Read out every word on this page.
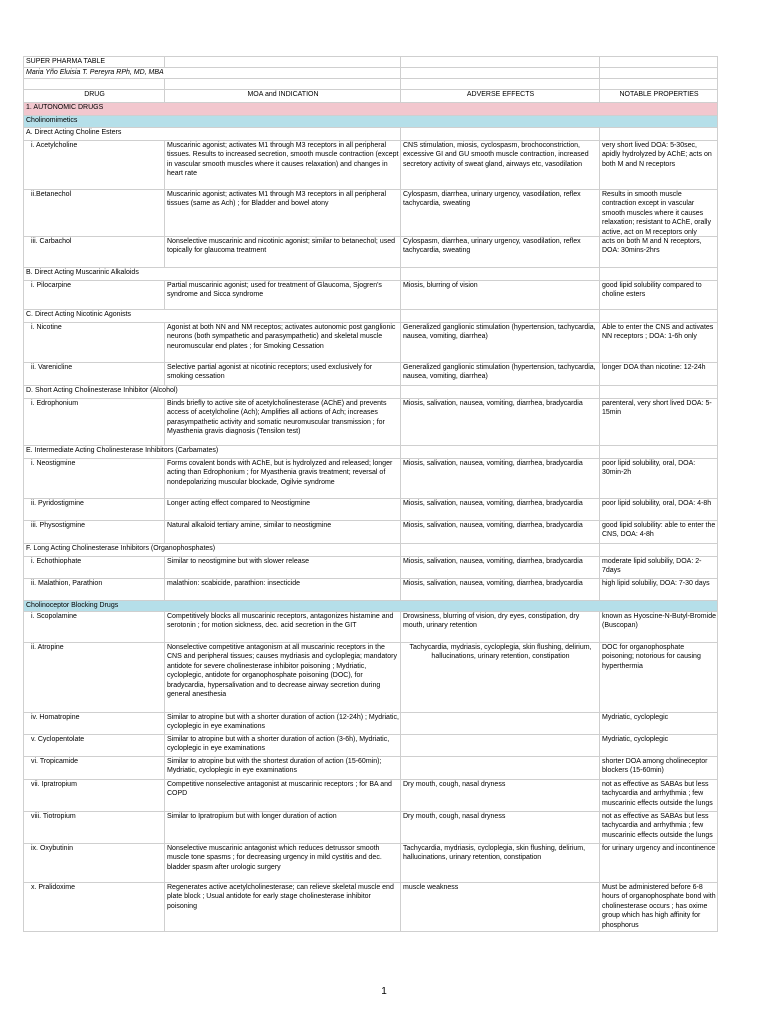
SUPER PHARMA TABLE			
Maria Yño Eluisia T. Pereyra RPh, MD, MBA			

DRUG	MOA and INDICATION	ADVERSE EFFECTS	NOTABLE PROPERTIES
1. AUTONOMIC DRUGS			
Cholinomimetics			
A. Direct Acting Choline Esters			

i. Acetylcholine	Muscarinic agonist; activates M1 through M3 receptors in all peripheral tissues. Results to increased secretion, smooth muscle contraction (except in vascular smooth muscles where it causes relaxation) and changes in heart rate	CNS stimulation, miosis, cyclospasm, brochoconstriction, excessive GI and GU smooth muscle contraction, increased secretory activity of sweat gland, airways etc, vasodilation	very short lived DOA: 5-30sec, apidly hydrolyzed by AChE; acts on both M and N receptors

ii.Betanechol	Muscarinic agonist; activates M1 through M3 receptors in all peripheral tissues (same as Ach) ; for Bladder and bowel atony	Cylospasm, diarrhea, urinary urgency, vasodilation, reflex tachycardia, sweating	Results in smooth muscle contraction except in vascular smooth muscles where it causes relaxation; resistant to AChE, orally active, act on M receptors only

iii. Carbachol	Nonselective muscarinic and nicotinic agonist; similar to betanechol; used topically for glaucoma treatment	Cylospasm, diarrhea, urinary urgency, vasodilation, reflex tachycardia, sweating	acts on both M and N receptors, DOA: 30mins-2hrs

B. Direct Acting Muscarinic Alkaloids			

i. Pilocarpine	Partial muscarinic agonist; used for treatment of Glaucoma, Sjogren's syndrome and Sicca syndrome	Miosis, blurring of vision	good lipid solubility compared to choline esters

C. Direct Acting Nicotinic Agonists			

i. Nicotine	Agonist at both NN and NM receptos; activates autonomic post ganglionic neurons (both sympathetic and parasympathetic) and skeletal muscle neuromuscular end plates ; for Smoking Cessation	Generalized ganglionic stimulation (hypertension, tachycardia, nausea, vomiting, diarrhea)	Able to enter the CNS and activates NN receptors ; DOA: 1-6h only

ii. Varenicline	Selective partial agonist at nicotinic receptors; used exclusively for smoking cessation	Generalized ganglionic stimulation (hypertension, tachycardia, nausea, vomiting, diarrhea)	longer DOA than nicotine: 12-24h

D. Short Acting Cholinesterase Inhibitor (Alcohol)			

i. Edrophonium	Binds briefly to active site of acetylcholinesterase (AChE) and prevents access of acetylcholine (Ach); Amplifies all actions of Ach; increases parasympathetic activity and somatic neuromuscular transmission ; for Myasthenia gravis diagnosis (Tensilon test)	Miosis, salivation, nausea, vomiting, diarrhea, bradycardia	parenteral, very short lived DOA: 5-15min

E. Intermediate Acting Cholinesterase Inhibitors (Carbamates)			

i. Neostigmine	Forms covalent bonds with AChE, but is hydrolyzed and released; longer acting than Edrophonium ; for Myasthenia gravis treatment; reversal of nondepolarizing muscular blockade, Ogilvie syndrome	Miosis, salivation, nausea, vomiting, diarrhea, bradycardia	poor lipid solubility, oral, DOA: 30min-2h

ii. Pyridostigmine	Longer acting effect compared to Neostigmine	Miosis, salivation, nausea, vomiting, diarrhea, bradycardia	poor lipid solubility, oral, DOA: 4-8h

iii. Physostigmine	Natural alkaloid tertiary amine, similar to neostigmine	Miosis, salivation, nausea, vomiting, diarrhea, bradycardia	good lipid solubility: able to enter the CNS, DOA: 4-8h

F. Long Acting Cholinesterase Inhibitors (Organophosphates)			

i. Echothiophate	Similar to neostigmine but with slower release	Miosis, salivation, nausea, vomiting, diarrhea, bradycardia	moderate lipid solubiliy, DOA: 2-7days

ii. Malathion, Parathion	malathion: scabicide, parathion: insecticide	Miosis, salivation, nausea, vomiting, diarrhea, bradycardia	high lipid solubiliy, DOA: 7-30 days

Cholinoceptor Blocking Drugs			

i. Scopolamine	Competitively blocks all muscarinic receptors, antagonizes histamine and serotonin ; for motion sickness, dec. acid secretion in the GIT	Drowsiness, blurring of vision, dry eyes, constipation, dry mouth, urinary retention	known as Hyoscine-N-Butyl-Bromide (Buscopan)

ii. Atropine	Nonselective competitive antagonism at all muscarinic receptors in the CNS and peripheral tissues; causes mydriasis and cycloplegia; mandatory antidote for severe cholinesterase inhibitor poisoning ; Mydriatic, cycloplegic, antidote for organophosphate poisoning (DOC), for bradycardia, hypersalivation and to decrease airway secretion during general anesthesia	Tachycardia, mydriasis, cycloplegia, skin flushing, delirium, hallucinations, urinary retention, constipation	DOC for organophosphate poisoning; notorious for causing hyperthermia

iv. Homatropine	Similar to atropine but with a shorter duration of action (12-24h) ; Mydriatic, cycloplegic in eye examinations		Mydriatic, cycloplegic

v. Cyclopentolate	Similar to atropine but with a shorter duration of action (3-6h), Mydriatic, cycloplegic in eye examinations		Mydriatic, cycloplegic

vi. Tropicamide	Similar to atropine but with the shortest duration of action (15-60min); Mydriatic, cycloplegic in eye examinations		shorter DOA among cholineceptor blockers (15-60min)

vii. Ipratropium	Competitive nonselective antagonist at muscarinic receptors ; for BA and COPD	Dry mouth, cough, nasal dryness	not as effective as SABAs but less tachycardia and arrhythmia ; few muscarinic effects outside the lungs

viii. Tiotropium	Similar to Ipratropium but with longer duration of action	Dry mouth, cough, nasal dryness	not as effective as SABAs but less tachycardia and arrhythmia ; few muscarinic effects outside the lungs

ix. Oxybutinin	Nonselective muscarinic antagonist which reduces detrussor smooth muscle tone spasms ; for decreasing urgency in mild cystitis and dec. bladder spasm after urologic surgery	Tachycardia, mydriasis, cycloplegia, skin flushing, delirium, hallucinations, urinary retention, constipation	for urinary urgency and incontinence

x. Pralidoxime	Regenerates active acetylcholinesterase; can relieve skeletal muscle end plate block ; Usual antidote for early stage cholinesterase inhibitor poisoning	muscle weakness	Must be administered before 6-8 hours of organophosphate bond with cholinesterase occurs ; has oxime group which has high affinity for phosphorus
1
